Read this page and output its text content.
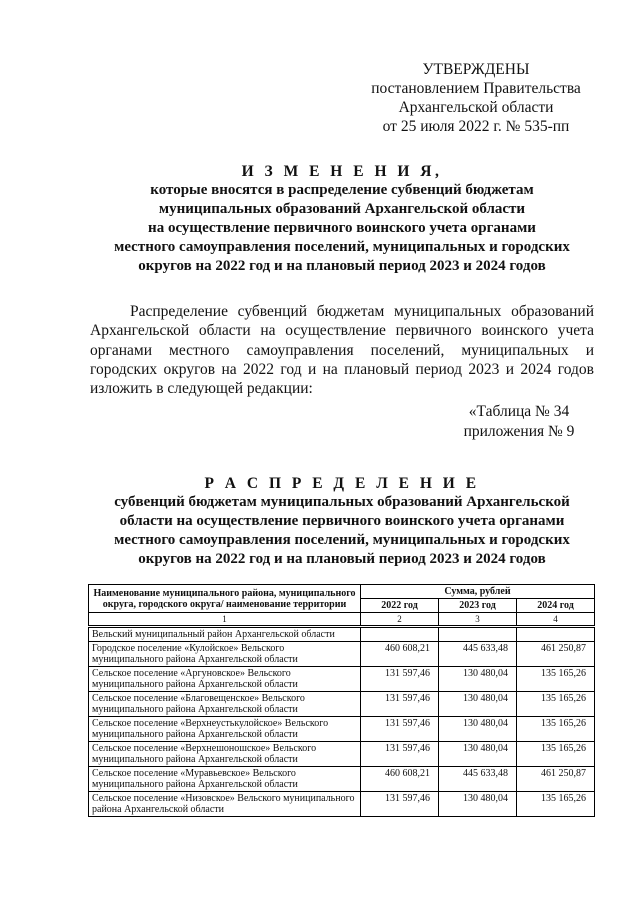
УТВЕРЖДЕНЫ
постановлением Правительства
Архангельской области
от 25 июля 2022 г. № 535-пп
И З М Е Н Е Н И Я,
которые вносятся в распределение субвенций бюджетам
муниципальных образований Архангельской области
на осуществление первичного воинского учета органами
местного самоуправления поселений, муниципальных и городских
округов на 2022 год и на плановый период 2023 и 2024 годов
Распределение субвенций бюджетам муниципальных образований Архангельской области на осуществление первичного воинского учета органами местного самоуправления поселений, муниципальных и городских округов на 2022 год и на плановый период 2023 и 2024 годов изложить в следующей редакции:
«Таблица № 34
приложения № 9
Р А С П Р Е Д Е Л Е Н И Е
субвенций бюджетам муниципальных образований Архангельской
области на осуществление первичного воинского учета органами
местного самоуправления поселений, муниципальных и городских
округов на 2022 год и на плановый период 2023 и 2024 годов
Наименование муниципального района, муниципального округа, городского округа/ наименование территории	Сумма, рублей		
	2022 год	2023 год	2024 год
1	2	3	4
Вельский муниципальный район Архангельской области			
Городское поселение «Кулойское» Вельского муниципального района Архангельской области	460 608,21	445 633,48	461 250,87
Сельское поселение «Аргуновское» Вельского муниципального района Архангельской области	131 597,46	130 480,04	135 165,26
Сельское поселение «Благовещенское» Вельского муниципального района Архангельской области	131 597,46	130 480,04	135 165,26
Сельское поселение «Верхнеустькулойское» Вельского муниципального района Архангельской области	131 597,46	130 480,04	135 165,26
Сельское поселение «Верхнешоношское» Вельского муниципального района Архангельской области	131 597,46	130 480,04	135 165,26
Сельское поселение «Муравьевское» Вельского муниципального района Архангельской области	460 608,21	445 633,48	461 250,87
Сельское поселение «Низовское» Вельского муниципального района Архангельской области	131 597,46	130 480,04	135 165,26
